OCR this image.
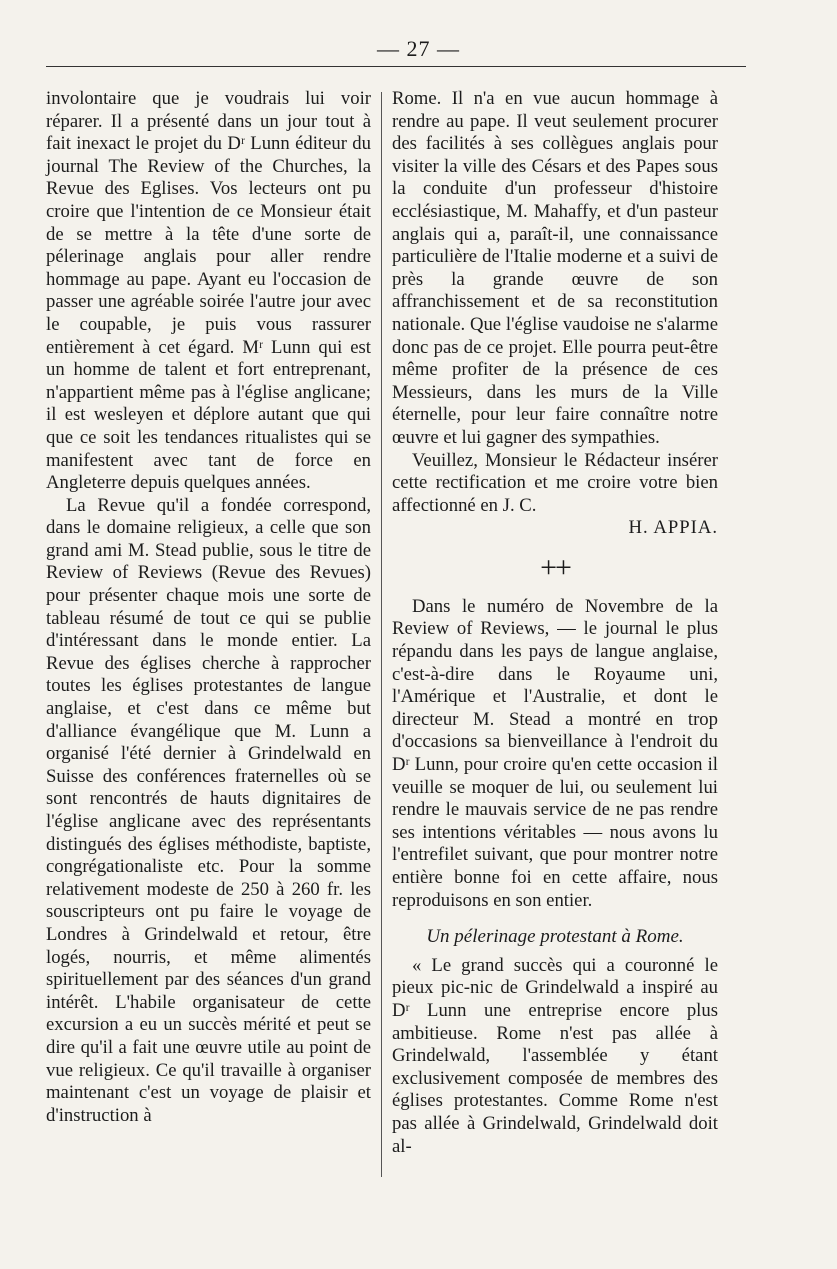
— 27 —

involontaire que je voudrais lui voir réparer. Il a présenté dans un jour tout à fait inexact le projet du Dʳ Lunn éditeur du journal The Review of the Churches, la Revue des Eglises. Vos lecteurs ont pu croire que l'intention de ce Monsieur était de se mettre à la tête d'une sorte de pélerinage anglais pour aller rendre hommage au pape. Ayant eu l'occasion de passer une agréable soirée l'autre jour avec le coupable, je puis vous rassurer entièrement à cet égard. Mʳ Lunn qui est un homme de talent et fort entreprenant, n'appartient même pas à l'église anglicane; il est wesleyen et déplore autant que qui que ce soit les tendances ritualistes qui se manifestent avec tant de force en Angleterre depuis quelques années.

La Revue qu'il a fondée correspond, dans le domaine religieux, a celle que son grand ami M. Stead publie, sous le titre de Review of Reviews (Revue des Revues) pour présenter chaque mois une sorte de tableau résumé de tout ce qui se publie d'intéressant dans le monde entier. La Revue des églises cherche à rapprocher toutes les églises protestantes de langue anglaise, et c'est dans ce même but d'alliance évangélique que M. Lunn a organisé l'été dernier à Grindelwald en Suisse des conférences fraternelles où se sont rencontrés de hauts dignitaires de l'église anglicane avec des représentants distingués des églises méthodiste, baptiste, congrégationaliste etc. Pour la somme relativement modeste de 250 à 260 fr. les souscripteurs ont pu faire le voyage de Londres à Grindelwald et retour, être logés, nourris, et même alimentés spirituellement par des séances d'un grand intérêt. L'habile organisateur de cette excursion a eu un succès mérité et peut se dire qu'il a fait une œuvre utile au point de vue religieux. Ce qu'il travaille à organiser maintenant c'est un voyage de plaisir et d'instruction à

Rome. Il n'a en vue aucun hommage à rendre au pape. Il veut seulement procurer des facilités à ses collègues anglais pour visiter la ville des Césars et des Papes sous la conduite d'un professeur d'histoire ecclésiastique, M. Mahaffy, et d'un pasteur anglais qui a, paraît-il, une connaissance particulière de l'Italie moderne et a suivi de près la grande œuvre de son affranchissement et de sa reconstitution nationale. Que l'église vaudoise ne s'alarme donc pas de ce projet. Elle pourra peut-être même profiter de la présence de ces Messieurs, dans les murs de la Ville éternelle, pour leur faire connaître notre œuvre et lui gagner des sympathies.

Veuillez, Monsieur le Rédacteur insérer cette rectification et me croire votre bien affectionné en J. C.

H. APPIA.

++

Dans le numéro de Novembre de la Review of Reviews, — le journal le plus répandu dans les pays de langue anglaise, c'est-à-dire dans le Royaume uni, l'Amérique et l'Australie, et dont le directeur M. Stead a montré en trop d'occasions sa bienveillance à l'endroit du Dʳ Lunn, pour croire qu'en cette occasion il veuille se moquer de lui, ou seulement lui rendre le mauvais service de ne pas rendre ses intentions véritables — nous avons lu l'entrefilet suivant, que pour montrer notre entière bonne foi en cette affaire, nous reproduisons en son entier.

Un pélerinage protestant à Rome.

« Le grand succès qui a couronné le pieux pic-nic de Grindelwald a inspiré au Dʳ Lunn une entreprise encore plus ambitieuse. Rome n'est pas allée à Grindelwald, l'assemblée y étant exclusivement composée de membres des églises protestantes. Comme Rome n'est pas allée à Grindelwald, Grindelwald doit al-
